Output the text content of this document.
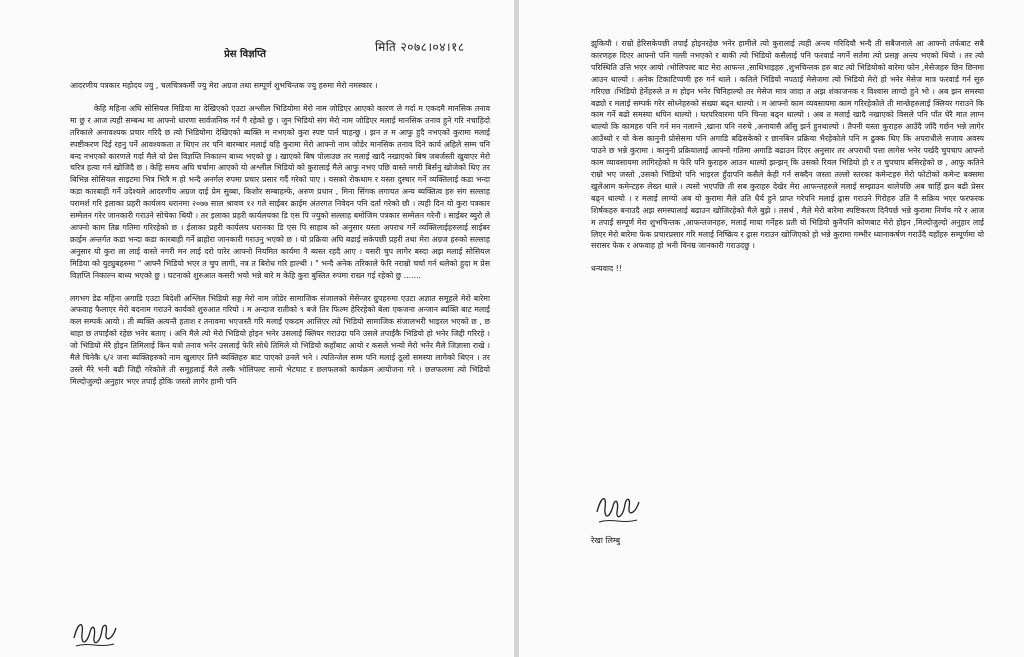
मिति २०७८।०४।१८
प्रेस विज्ञप्ति

आदरणीय पत्रकार महोदय ज्यु , चलचित्रकर्मी ज्यु मेरा अग्रज तथा सम्पूर्ण शुभचिन्तक ज्यु हरुमा मेरो नमस्कार ।

केहि महिना अघि सोसियल मिडिया मा देखिएको एउटा अश्लील भिडियोमा मेरो नाम जोडिएर आएको कारण ले गर्दा म एकदमै मानसिक तनाव मा छु र आज त्यही सम्बन्ध मा आफ्नो धारणा सार्वजनिक गर्न गै रहेको छु । जुन भिडियो संग मेरो नाम जोडिएर मलाई मानसिक तनाव हुने गरि नचाहिदो तरिकाले अनावश्यक प्रचार गरिदै छ त्यो भिडियोमा देखिएको ब्यक्ति म नभएको कुरा स्पष्ट पार्न चाहन्छु । झन त म आफु हुदै नभएको कुरामा मलाई स्पष्टीकरण दिई रहनु पर्ने आवश्यकता त थिएन तर पनि बारम्बार मलाई यहि कुरामा मेरो आफ्नो नाम जोडेर मानसिक तनाव दिने कार्य अहिले सम्म पनि बन्द नभएको कारणले गर्दा मैले यो प्रेस विज्ञप्ति निकाल्न बाध्य भएको छु । खाएको बिष पोलाउछ तर मलाई खादै नखाएको बिष जबर्जस्ती खुवाएर मेरो चरित्र हत्या गर्न खोजिदै छ । केहि समय अघि चर्चामा आएको यो अश्लील भिडियो को कुरालाई मैले आफु नभए पछि वास्ते नगरी बिर्सनु खोजेको थिए तर बिभिन्न सोसियल साइटमा भित्र भित्रै म हो भन्दै अनर्गल रुपमा प्रचार प्रसार गर्दै गरेको पाए । यसको रोकथाम र यस्ता दुस्चार गर्ने व्यक्तिलाई कडा भन्दा कडा कारबाही गर्ने उदेश्यले आदरणीय अग्रज दाई प्रेम सुब्बा, किशोर सम्बाहम्फे, अरुण प्रधान , मिना सिंगक लगायत अन्य ब्यक्तित्व हरु संग सल्लाह परामर्श गरि इलाका प्रहरी कार्यलय धरानमा २०७७ साल श्रावण १२ गते साईबर क्राईम अंतरगत निवेदन पनि दर्ता गरेको छौ । त्यही दिन यो कुरा पत्रकार सम्मेलन गरेर जानकारी गराउने सोचेका थियौ । तर इलाका प्रहरी कार्यलयका डि एस पि ज्युको सल्लाह बमोजिम पत्रकार सम्मेलन गरेनौ । साईबर ब्युरो ले आफ्नो काम तिब्र गतिमा गरिरहेको छ । ईलाका प्रहरी कार्यलय धरानका डि एस पि साहाब को अनुसार यस्ता अपराध गर्ने व्यक्तिलाईहरुलाई साईबर क्राईम अन्तर्गत कडा भन्दा कडा कारबाही गर्ने ब्राहोरा जानकारी गराउनु भएको छ । यो प्रक्रिया अघि बढाई सकेपछी प्रहरी तथा मेरा अग्रज हरुको सल्लाह अनुसार यो कुरा ला लाई वास्ते नगरी मन लाई दरो पारेर आफ्नो नियमित कार्यमा नै ब्यस्त रहदै आए । यसरी चुप लागेर बस्दा अझ मलाई सोसियल मिडिया को युट्युबहरुमा " आफ्नै भिडियो भएर त चुप लागी, नत्र त बिरोध गरि हाल्थी । " भन्दै अनेक तरिकाले फेरि नराम्रो चर्चा गर्न थलेको हुदा म प्रेस विज्ञप्ति निकाल्न बाध्य भएको छु । घटनाको शुरुआत कसरी भयो भन्ने बारे म केहि कुरा बुस्तित रुपमा राख्न गई रहेको छु .......

लगभग डेढ महिना अगाडि एउटा बिदेशी अश्लिल भिडियो सङ्ग मेरो नाम जोडेर सामाजिक संजालको मेसेन्जर ग्रुपहरुमा एउटा अज्ञात समूहले मेरो बारेमा अफवाह फैलाएर मेरो बदनाम गराउने कार्यको शुरुआत गरियो । म अन्दाज रातीको ९ बजे तिर फिल्म हेरिरहेको बेला एकजना अन्जान ब्यक्ति बाट मलाई कल सम्पर्क आयो । ती ब्यक्ति अत्यन्तै हताश र तनावमा भएजस्तै गरि मलाई एकदम आत्तिएर त्यो भिडियो सामाजिक संजालभरी भाइरल भएको छ , छ थाहा छ तपाईंको रहेछ भनेर बताए । अनि मैले त्यो मेरो भिडियो होइन भनेर उसलाई क्लियर गराउदा पनि उसले तपाईंकै भिडियो हो भनेर जिद्दी गरिरहे ।जो भिडियो मेरै होइन तिमिलाई किन यत्रो तनाव भनेर उसलाई फेरि सोधे तिमिले यो भिडियो कहाँबाट आयो र कसले भन्यो मेरो भनेर मैले जिज्ञासा राखे । मैले चिनेकै ६/२ जना ब्यक्तिहरुको नाम खुलाएर तिनै ब्यक्तिहरु बाट पाएको उनले भने । त्यतिन्जेल सम्म पनि मलाई ठूलो समस्या लागेको थिएन । तर उस्ले मैरे भनी बढी जिद्दी गरेकोले ती समूहलाई मैले तस्कै भोलिपल्ट सानो भेटघाट र छलफलको कार्यक्रम आयोजना गरे । छलफलमा त्यो भिडियो मिल्दोजुल्दो अनुहार भएर तपाईं होकि जस्तो लागेर हामी पनि

झुकियौ । राम्रो हेरिसकेपछी तपाईं होइनरहेछ भनेर हामीले त्यो कुरालाई त्यही अन्त्य गरिदियौ भन्दै ती सबैजनाले आ आफ्नो तर्फबाट सबै कारणहरु दिएर आफ्नो पनि गल्ती नभएको र बाकी त्यो भिडियो कसैलाई पनि फरवार्ड नगर्ने सर्तमा त्यो प्रसङ्ग अन्त्य भएको थियो । तर त्यो परिस्थिति उत्ति भएर आयो ।भोलिपल्ट बाट मेरा आफन्त ,साथिभाइहरु ,शुभचिन्तक हरु बाट त्यो भिडियोको बारेमा फोन ,मेसेजहरु छिन छिनमा आउन थाल्यो । अनेक टिकाटिप्पणी हरु गर्न थाले । कतिले भिडियो नपठाई मेसेजमा त्यो भिडियो मेरो हो भनेर मेसेज मात्र फरवार्ड गर्न सुरु गरिएछ ।भिडियो हेर्नेहरुले त म होइन भनेर चिनिहाल्यो तर मेसेज मात्र जादा त अझ शंकाजनक र विश्वास लाग्दो हुने भो । अब झन समस्या बढ्यो र मलाई सम्पर्क गरेर सोध्नेहरुको संख्या बढ्न थाल्यो । म आफ्नो काम व्यवसायमा काम गरिरहेकोले ती मान्छेहरुलाई क्लियर गराउने कि काम गर्ने बढो समस्या थपिन थाल्यो । घरपरिवारमा पनि चिन्ता बढ्न थाल्यो । अब त मलाई खादै नखाएको विसले पनि पाँत घेरै मात लाग्न थाल्यो कि कामहरु पनि गर्न मन नलाग्ने ,खाना पनि नरुचे ,अनायासै आँसु झर्न हुनथाल्यो । तैपनी यस्ता कुराहरु आउँदै जाँदै गर्छन भन्ने लागेर आउँथ्यो र यो केस कानुनी प्रोसेसमा पनि अगाडि बढिसकेको र छानबिन प्रक्रिया भैरहेकोले पनि म ढुक्क थिए कि अपराधीले सजाय अवस्य पाउने छ भन्ने कुरामा । कानुनी प्रक्रियालाई आफ्नो गतिमा अगाडि बढाउन दिएर अनुसार तर अपराधी पत्ता लागेस भनेर पर्खदै चुपचाप आफ्नो काम व्यावसायमा लागिरहेको म फेरि पनि कुराहरु आउन थाल्यो झन्झन् कि उसको रियल भिडियो हो र त चुपचाप बसिरहेको छ , आफु कतिने राम्रो भए जस्तो ,उसको भिडियो पनि भाइरल हुँदापनि कसैले केही गर्न सक्दैन जस्ता तल्लो स्तरका कमेन्टहरु मेरो फोटोको कमेन्ट बक्समा खुलेआम कमेन्टहरु लेख्न थाले । त्यसो भएपछि ती सब कुराहरु देखेर मेरा आफन्तहरुले मलाई सम्झाउन थालेपछि अब चाहिँ झन बढी प्रेसर बढ्न थाल्यो । र मलाई लाग्यो अब यो कुरामा मैले उति धैर्य हुने प्राप्त गरेपनि मलाई ढ्रास गराउने गिरोहरु उति नै सक्रिय भएर फरफरक शिर्षकहरु बनाउदै अझ समस्यालाई बढाउन खोजिरहेको मैले बुझे । तसर्थ , मैले मेरो बारेमा स्पष्टिकरण दिनैपर्छ भन्ने कुरामा निर्णय गरे र आज म तपाईं सम्पूर्ण मेरा शुभचिन्तक ,आफन्तजनहरु, मलाई माया गर्नेहरु प्रती यो भिडियो कुनैपनि कोणबाट मेरो होइन ,मिल्दोजुल्दो अनुहार लाई लिएर मेरो बारेमा फेक प्रचारप्रसार गरि मलाई निष्क्रिय र ढ्रास गराउन खोजिएको हो भन्ने कुरामा गम्भीर ध्यानाकर्षण गराउँदै यहाँहरु सम्पूर्णमा यो सरासर फेक र अफवाह हो भनी विनम्र जानकारी गराउदछु ।

धन्यवाद !!

रेखा लिम्बु
